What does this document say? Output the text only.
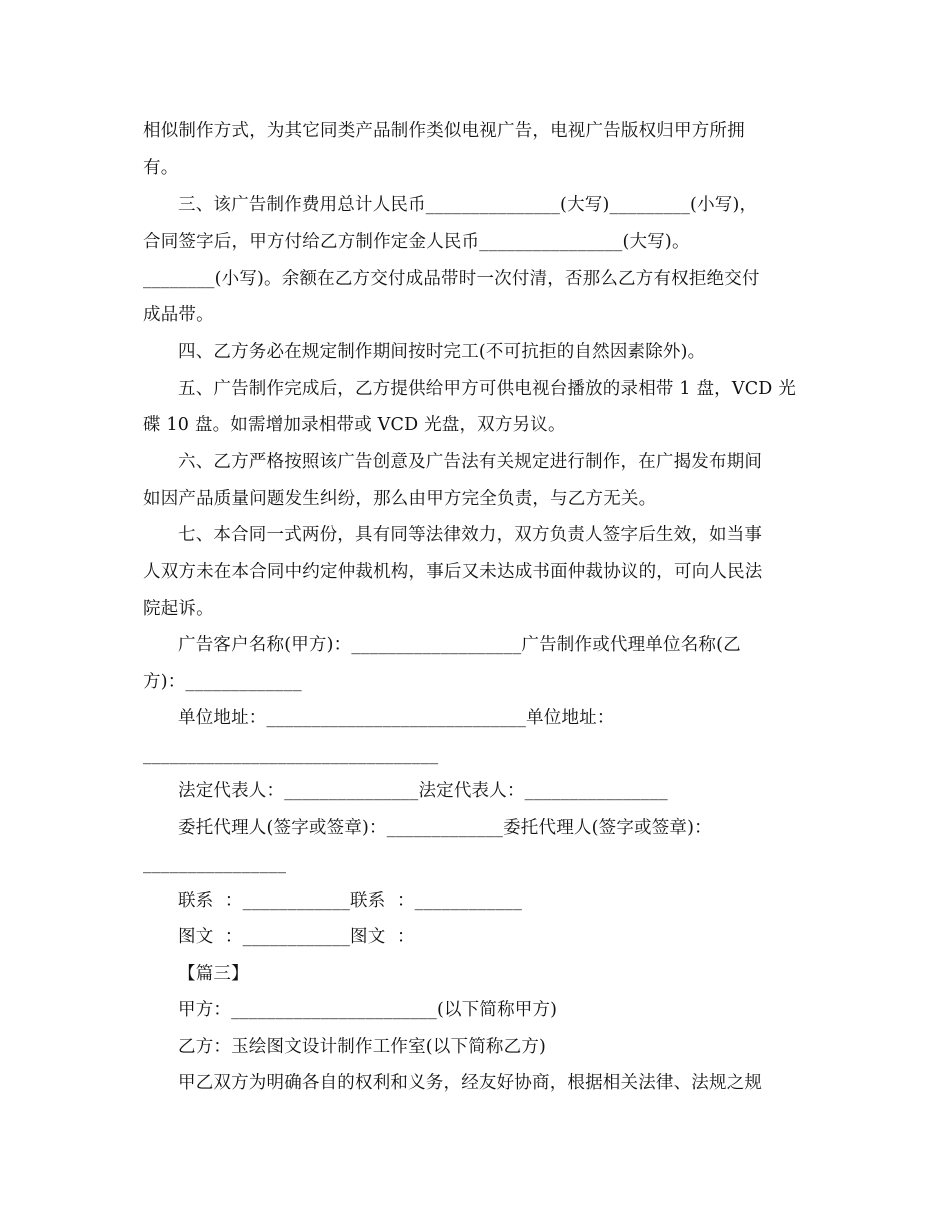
相似制作方式，为其它同类产品制作类似电视广告，电视广告版权归甲方所拥
有。
三、该广告制作费用总计人民币_______________(大写)_________(小写)，
合同签字后，甲方付给乙方制作定金人民币________________(大写)。
________(小写)。余额在乙方交付成品带时一次付清，否那么乙方有权拒绝交付
成品带。
四、乙方务必在规定制作期间按时完工(不可抗拒的自然因素除外)。
五、广告制作完成后，乙方提供给甲方可供电视台播放的录相带 1 盘，VCD 光
碟 10 盘。如需增加录相带或 VCD 光盘，双方另议。
六、乙方严格按照该广告创意及广告法有关规定进行制作，在广揭发布期间
如因产品质量问题发生纠纷，那么由甲方完全负责，与乙方无关。
七、本合同一式两份，具有同等法律效力，双方负责人签字后生效，如当事
人双方未在本合同中约定仲裁机构，事后又未达成书面仲裁协议的，可向人民法
院起诉。
广告客户名称(甲方)：___________________广告制作或代理单位名称(乙
方)：_____________
单位地址：_____________________________单位地址：
_________________________________
法定代表人：_______________法定代表人：________________
委托代理人(签字或签章)：_____________委托代理人(签字或签章)：
________________
联系  ：____________联系  ：____________
图文  ：____________图文  ：
【篇三】
甲方：_______________________(以下简称甲方)
乙方：玉绘图文设计制作工作室(以下简称乙方)
甲乙双方为明确各自的权利和义务，经友好协商，根据相关法律、法规之规
